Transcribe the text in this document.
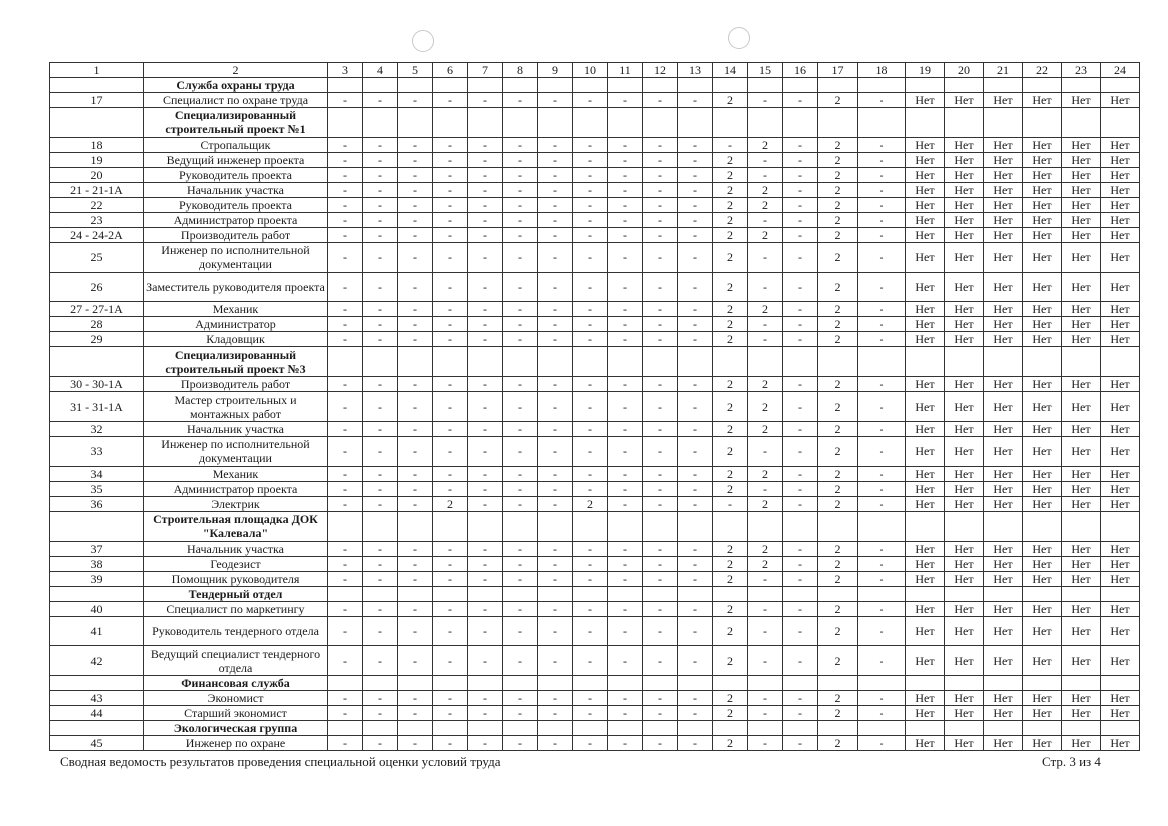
1	2	3	4	5	6	7	8	9	10	11	12	13	14	15	16	17	18	19	20	21	22	23	24
	Служба охраны труда																						
17	Специалист по охране труда	-	-	-	-	-	-	-	-	-	-	-	2	-	-	2	-	Нет	Нет	Нет	Нет	Нет	Нет
	Специализированный строительный проект №1																						
18	Стропальщик	-	-	-	-	-	-	-	-	-	-	-	-	2	-	2	-	Нет	Нет	Нет	Нет	Нет	Нет
19	Ведущий инженер проекта	-	-	-	-	-	-	-	-	-	-	-	2	-	-	2	-	Нет	Нет	Нет	Нет	Нет	Нет
20	Руководитель проекта	-	-	-	-	-	-	-	-	-	-	-	2	-	-	2	-	Нет	Нет	Нет	Нет	Нет	Нет
21 - 21-1А	Начальник участка	-	-	-	-	-	-	-	-	-	-	-	2	2	-	2	-	Нет	Нет	Нет	Нет	Нет	Нет
22	Руководитель проекта	-	-	-	-	-	-	-	-	-	-	-	2	2	-	2	-	Нет	Нет	Нет	Нет	Нет	Нет
23	Администратор проекта	-	-	-	-	-	-	-	-	-	-	-	2	-	-	2	-	Нет	Нет	Нет	Нет	Нет	Нет
24 - 24-2А	Производитель работ	-	-	-	-	-	-	-	-	-	-	-	2	2	-	2	-	Нет	Нет	Нет	Нет	Нет	Нет
25	Инженер по исполнительной документации	-	-	-	-	-	-	-	-	-	-	-	2	-	-	2	-	Нет	Нет	Нет	Нет	Нет	Нет
26	Заместитель руководителя проекта	-	-	-	-	-	-	-	-	-	-	-	2	-	-	2	-	Нет	Нет	Нет	Нет	Нет	Нет
27 - 27-1А	Механик	-	-	-	-	-	-	-	-	-	-	-	2	2	-	2	-	Нет	Нет	Нет	Нет	Нет	Нет
28	Администратор	-	-	-	-	-	-	-	-	-	-	-	2	-	-	2	-	Нет	Нет	Нет	Нет	Нет	Нет
29	Кладовщик	-	-	-	-	-	-	-	-	-	-	-	2	-	-	2	-	Нет	Нет	Нет	Нет	Нет	Нет
	Специализированный строительный проект №3																						
30 - 30-1А	Производитель работ	-	-	-	-	-	-	-	-	-	-	-	2	2	-	2	-	Нет	Нет	Нет	Нет	Нет	Нет
31 - 31-1А	Мастер строительных и монтажных работ	-	-	-	-	-	-	-	-	-	-	-	2	2	-	2	-	Нет	Нет	Нет	Нет	Нет	Нет
32	Начальник участка	-	-	-	-	-	-	-	-	-	-	-	2	2	-	2	-	Нет	Нет	Нет	Нет	Нет	Нет
33	Инженер по исполнительной документации	-	-	-	-	-	-	-	-	-	-	-	2	-	-	2	-	Нет	Нет	Нет	Нет	Нет	Нет
34	Механик	-	-	-	-	-	-	-	-	-	-	-	2	2	-	2	-	Нет	Нет	Нет	Нет	Нет	Нет
35	Администратор проекта	-	-	-	-	-	-	-	-	-	-	-	2	-	-	2	-	Нет	Нет	Нет	Нет	Нет	Нет
36	Электрик	-	-	-	2	-	-	-	2	-	-	-	-	2	-	2	-	Нет	Нет	Нет	Нет	Нет	Нет
	Строительная площадка ДОК "Калевала"																						
37	Начальник участка	-	-	-	-	-	-	-	-	-	-	-	2	2	-	2	-	Нет	Нет	Нет	Нет	Нет	Нет
38	Геодезист	-	-	-	-	-	-	-	-	-	-	-	2	2	-	2	-	Нет	Нет	Нет	Нет	Нет	Нет
39	Помощник руководителя	-	-	-	-	-	-	-	-	-	-	-	2	-	-	2	-	Нет	Нет	Нет	Нет	Нет	Нет
	Тендерный отдел																						
40	Специалист по маркетингу	-	-	-	-	-	-	-	-	-	-	-	2	-	-	2	-	Нет	Нет	Нет	Нет	Нет	Нет
41	Руководитель тендерного отдела	-	-	-	-	-	-	-	-	-	-	-	2	-	-	2	-	Нет	Нет	Нет	Нет	Нет	Нет
42	Ведущий специалист тендерного отдела	-	-	-	-	-	-	-	-	-	-	-	2	-	-	2	-	Нет	Нет	Нет	Нет	Нет	Нет
	Финансовая служба																						
43	Экономист	-	-	-	-	-	-	-	-	-	-	-	2	-	-	2	-	Нет	Нет	Нет	Нет	Нет	Нет
44	Старший экономист	-	-	-	-	-	-	-	-	-	-	-	2	-	-	2	-	Нет	Нет	Нет	Нет	Нет	Нет
	Экологическая группа																						
45	Инженер по охране	-	-	-	-	-	-	-	-	-	-	-	2	-	-	2	-	Нет	Нет	Нет	Нет	Нет	Нет
Сводная ведомость результатов проведения специальной оценки условий труда	Стр. 3 из 4
